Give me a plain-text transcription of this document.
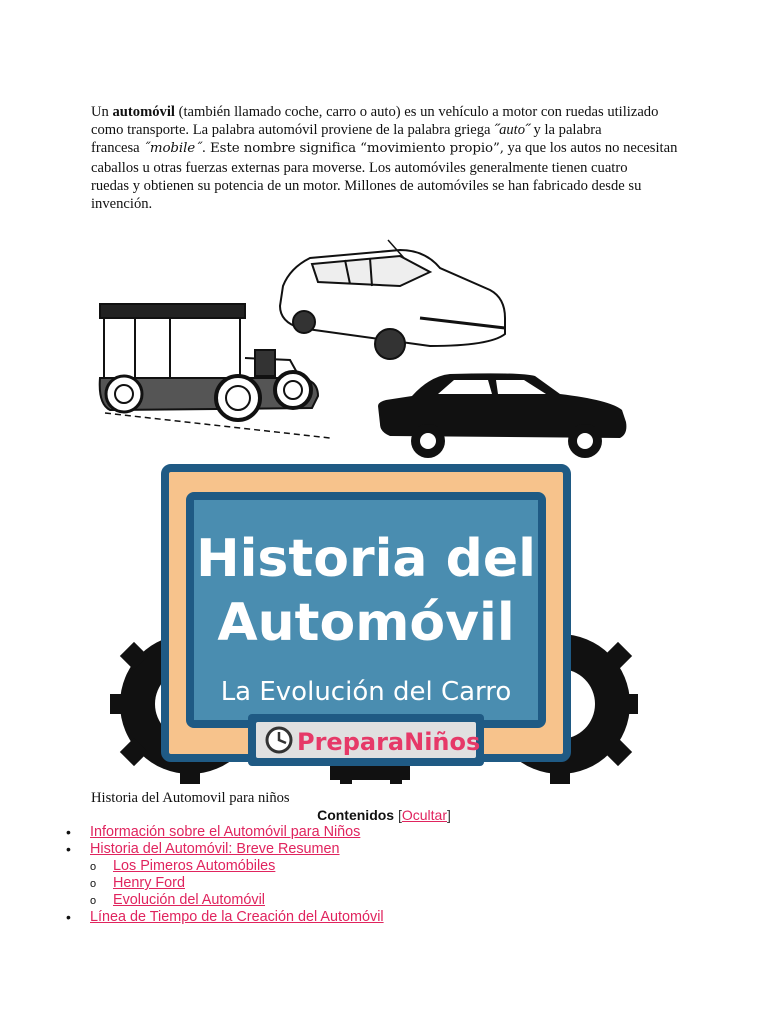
Un automóvil (también llamado coche, carro o auto) es un vehículo a motor con ruedas utilizado
como transporte. La palabra automóvil proviene de la palabra griega ˝auto˝ y la palabra
francesa ˝mobile˝. Este nombre significa “movimiento propio”, ya que los autos no necesitan
caballos u otras fuerzas externas para moverse. Los automóviles generalmente tienen cuatro
ruedas y obtienen su potencia de un motor. Millones de automóviles se han fabricado desde su
invención.
Historia del
Automóvil
La Evolución del Carro
PreparaNiños
Historia del Automovil para niños
Contenidos [Ocultar]
• Información sobre el Automóvil para Niños
• Historia del Automóvil: Breve Resumen
o Los Pimeros Automóbiles
o Henry Ford
o Evolución del Automóvil
• Línea de Tiempo de la Creación del Automóvil
